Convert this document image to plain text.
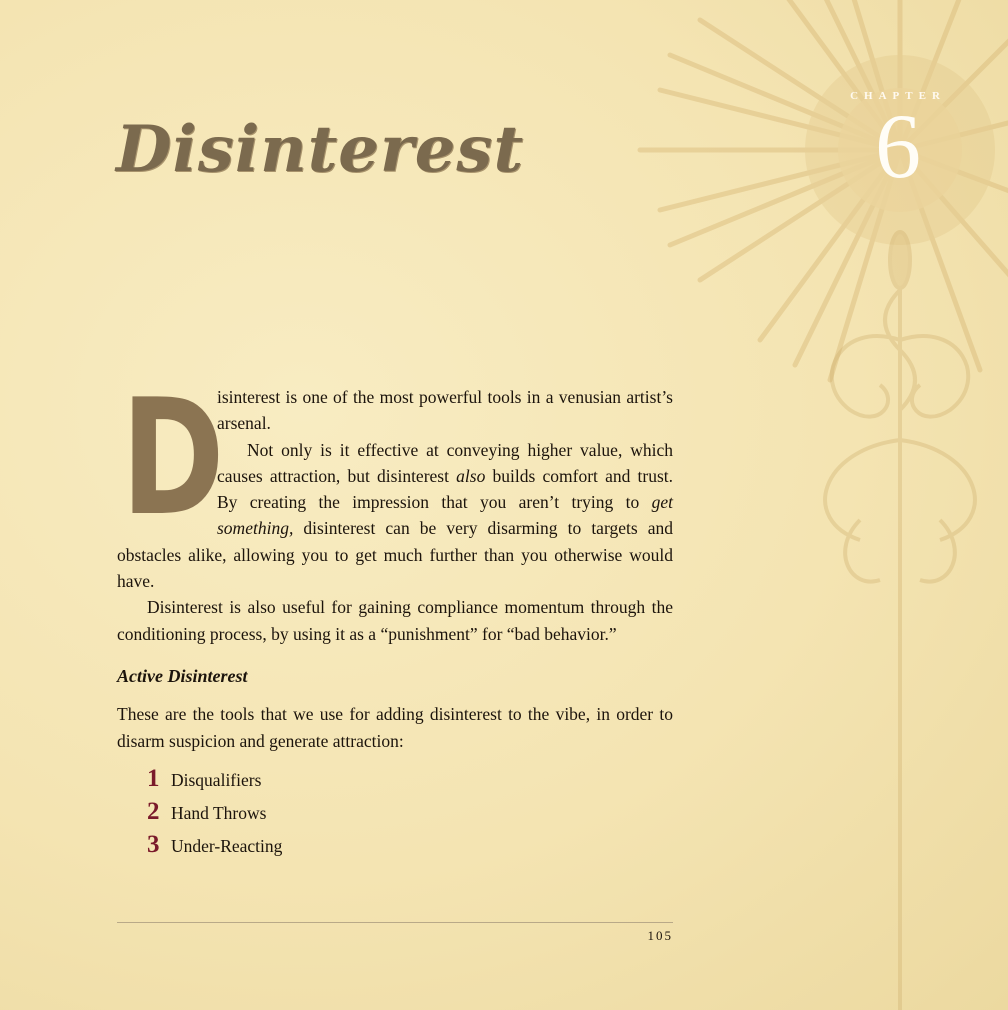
CHAPTER
6
Disinterest
D

isinterest is one of the most powerful tools in a venusian artist’s arsenal.

Not only is it effective at conveying higher value, which causes attraction, but disinterest also builds comfort and trust. By creating the impression that you aren’t trying to get something, disinterest can be very disarming to targets and obstacles alike, allowing you to get much further than you otherwise would have.

Disinterest is also useful for gaining compliance momentum through the conditioning process, by using it as a “punishment” for “bad behavior.”

Active Disinterest

These are the tools that we use for adding disinterest to the vibe, in order to disarm suspicion and generate attraction:

1 Disqualifiers
2 Hand Throws
3 Under-Reacting
105
